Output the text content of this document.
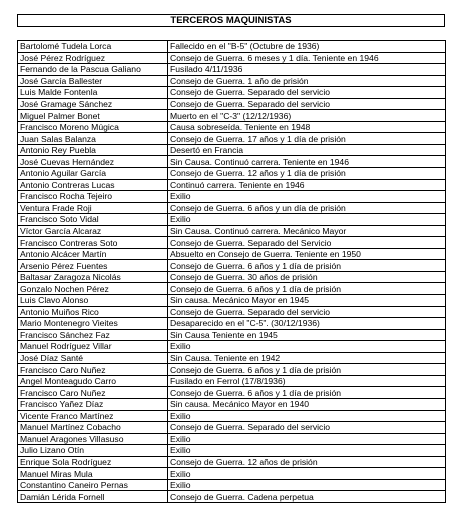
TERCEROS MAQUINISTAS
Bartolomé Tudela Lorca	Fallecido en el "B-5" (Octubre de 1936)
José Pérez Rodríguez	Consejo de Guerra. 6 meses y 1 día. Teniente en 1946
Fernando de la Pascua Galiano	Fusilado 4/11/1936
José García Ballester	Consejo de Guerra. 1 año de prisión
Luis Malde Fontenla	Consejo de Guerra. Separado del servicio
José Gramage Sánchez	Consejo de Guerra. Separado del servicio
Miguel Palmer Bonet	Muerto en el "C-3" (12/12/1936)
Francisco Moreno Múgica	Causa sobreseída. Teniente en 1948
Juan Salas Balanza	Consejo de Guerra. 17 años y 1 día de prisión
Antonio Rey Puebla	Desertó en Francia
José Cuevas Hernández	Sin Causa. Continuó carrera. Teniente en 1946
Antonio Aguilar García	Consejo de Guerra. 12 años y 1 día de prisión
Antonio Contreras Lucas	Continuó carrera. Teniente en 1946
Francisco Rocha Tejeiro	Exilio
Ventura Frade Roji	Consejo de Guerra. 6 años y un día de prisión
Francisco Soto Vidal	Exilio
Víctor García Alcaraz	Sin Causa. Continuó carrera. Mecánico Mayor
Francisco Contreras Soto	Consejo de Guerra. Separado del Servicio
Antonio Alcácer Martín	Absuelto en Consejo de Guerra. Teniente en 1950
Arsenio Pérez Fuentes	Consejo de Guerra. 6 años y 1 día de prisión
Baltasar Zaragoza Nicolás	Consejo de Guerra. 30 años de prisión
Gonzalo Nochen Pérez	Consejo de Guerra. 6 años y 1 día de prisión
Luis Clavo Alonso	Sin causa. Mecánico Mayor en 1945
Antonio Muiños Rico	Consejo de Guerra. Separado del servicio
Mario Montenegro Vieites	Desaparecido en el "C-5". (30/12/1936)
Francisco Sánchez Faz	Sin Causa Teniente en 1945
Manuel Rodríguez Villar	Exilio
José Díaz Santé	Sin Causa. Teniente en 1942
Francisco Caro Nuñez	Consejo de Guerra. 6 años y 1 día de prisión
Angel Monteagudo Carro	Fusilado en Ferrol (17/8/1936)
Francisco Caro Nuñez	Consejo de Guerra. 6 años y 1 día de prisión
Francisco Yañez Díaz	Sin causa. Mecánico Mayor en 1940
Vicente Franco Martínez	Exilio
Manuel Martínez Cobacho	Consejo de Guerra. Separado del servicio
Manuel Aragones Villasuso	Exilio
Julio Lizano Otín	Exilio
Enrique Sola Rodríguez	Consejo de Guerra. 12 años de prisión
Manuel Miras Mula	Exilio
Constantino Caneiro Pernas	Exilio
Damián Lérida Fornell	Consejo de Guerra. Cadena perpetua
